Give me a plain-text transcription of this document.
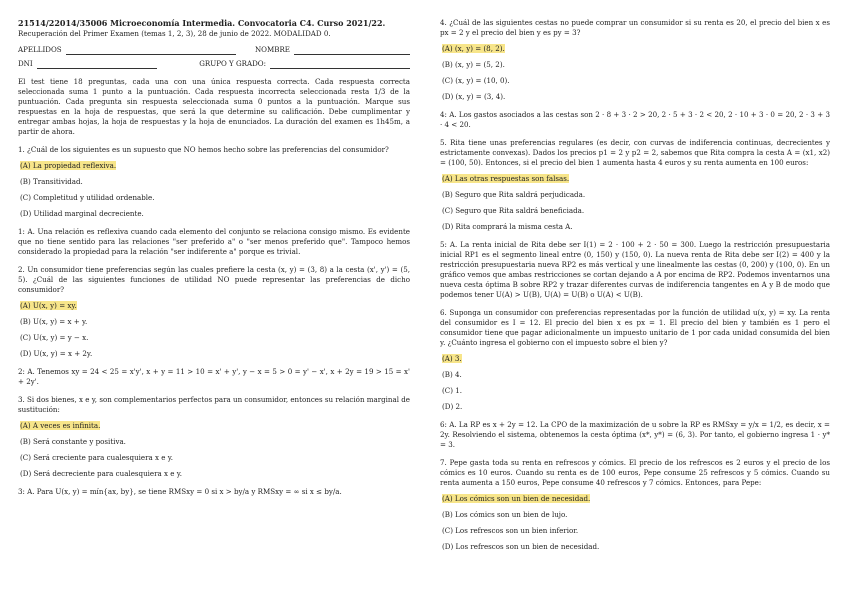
21514/22014/35006 Microeconomía Intermedia. Convocatoria C4. Curso 2021/22.
Recuperación del Primer Examen (temas 1, 2, 3), 28 de junio de 2022. MODALIDAD 0.
APELLIDOS	NOMBRE
DNI	GRUPO Y GRADO:
El test tiene 18 preguntas, cada una con una única respuesta correcta. Cada respuesta correcta seleccionada suma 1 punto a la puntuación. Cada respuesta incorrecta seleccionada resta 1/3 de la puntuación. Cada pregunta sin respuesta seleccionada suma 0 puntos a la puntuación. Marque sus respuestas en la hoja de respuestas, que será la que determine su calificación. Debe cumplimentar y entregar ambas hojas, la hoja de respuestas y la hoja de enunciados. La duración del examen es 1h45m, a partir de ahora.
1. ¿Cuál de los siguientes es un supuesto que NO hemos hecho sobre las preferencias del consumidor?
(A) La propiedad reflexiva.
(B) Transitividad.
(C) Completitud y utilidad ordenable.
(D) Utilidad marginal decreciente.
1: A. Una relación es reflexiva cuando cada elemento del conjunto se relaciona consigo mismo. Es evidente que no tiene sentido para las relaciones "ser preferido a" o "ser menos preferido que". Tampoco hemos considerado la propiedad para la relación "ser indiferente a" porque es trivial.
2. Un consumidor tiene preferencias según las cuales prefiere la cesta (x, y) = (3, 8) a la cesta (x', y') = (5, 5). ¿Cuál de las siguientes funciones de utilidad NO puede representar las preferencias de dicho consumidor?
(A) U(x, y) = xy.
(B) U(x, y) = x + y.
(C) U(x, y) = y − x.
(D) U(x, y) = x + 2y.
2: A. Tenemos xy = 24 < 25 = x'y', x + y = 11 > 10 = x' + y', y − x = 5 > 0 = y' − x', x + 2y = 19 > 15 = x' + 2y'.
3. Si dos bienes, x e y, son complementarios perfectos para un consumidor, entonces su relación marginal de sustitución:
(A) A veces es infinita.
(B) Será constante y positiva.
(C) Será creciente para cualesquiera x e y.
(D) Será decreciente para cualesquiera x e y.
3: A. Para U(x, y) = mín{ax, by}, se tiene RMSxy = 0 si x > by/a y RMSxy = ∞ si x ≤ by/a.
4. ¿Cuál de las siguientes cestas no puede comprar un consumidor si su renta es 20, el precio del bien x es px = 2 y el precio del bien y es py = 3?
(A) (x, y) = (8, 2).
(B) (x, y) = (5, 2).
(C) (x, y) = (10, 0).
(D) (x, y) = (3, 4).
4: A. Los gastos asociados a las cestas son 2 · 8 + 3 · 2 > 20, 2 · 5 + 3 · 2 < 20, 2 · 10 + 3 · 0 = 20, 2 · 3 + 3 · 4 < 20.
5. Rita tiene unas preferencias regulares (es decir, con curvas de indiferencia continuas, decrecientes y estrictamente convexas). Dados los precios p1 = 2 y p2 = 2, sabemos que Rita compra la cesta A = (x1, x2) = (100, 50). Entonces, si el precio del bien 1 aumenta hasta 4 euros y su renta aumenta en 100 euros:
(A) Las otras respuestas son falsas.
(B) Seguro que Rita saldrá perjudicada.
(C) Seguro que Rita saldrá beneficiada.
(D) Rita comprará la misma cesta A.
5: A. La renta inicial de Rita debe ser I(1) = 2 · 100 + 2 · 50 = 300. Luego la restricción presupuestaria inicial RP1 es el segmento lineal entre (0, 150) y (150, 0). La nueva renta de Rita debe ser I(2) = 400 y la restricción presupuestaria nueva RP2 es más vertical y une linealmente las cestas (0, 200) y (100, 0). En un gráfico vemos que ambas restricciones se cortan dejando a A por encima de RP2. Podemos inventarnos una nueva cesta óptima B sobre RP2 y trazar diferentes curvas de indiferencia tangentes en A y B de modo que podemos tener U(A) > U(B), U(A) = U(B) o U(A) < U(B).
6. Suponga un consumidor con preferencias representadas por la función de utilidad u(x, y) = xy. La renta del consumidor es I = 12. El precio del bien x es px = 1. El precio del bien y también es 1 pero el consumidor tiene que pagar adicionalmente un impuesto unitario de 1 por cada unidad consumida del bien y. ¿Cuánto ingresa el gobierno con el impuesto sobre el bien y?
(A) 3.
(B) 4.
(C) 1.
(D) 2.
6: A. La RP es x + 2y = 12. La CPO de la maximización de u sobre la RP es RMSxy = y/x = 1/2, es decir, x = 2y. Resolviendo el sistema, obtenemos la cesta óptima (x*, y*) = (6, 3). Por tanto, el gobierno ingresa 1 · y* = 3.
7. Pepe gasta toda su renta en refrescos y cómics. El precio de los refrescos es 2 euros y el precio de los cómics es 10 euros. Cuando su renta es de 100 euros, Pepe consume 25 refrescos y 5 cómics. Cuando su renta aumenta a 150 euros, Pepe consume 40 refrescos y 7 cómics. Entonces, para Pepe:
(A) Los cómics son un bien de necesidad.
(B) Los cómics son un bien de lujo.
(C) Los refrescos son un bien inferior.
(D) Los refrescos son un bien de necesidad.
